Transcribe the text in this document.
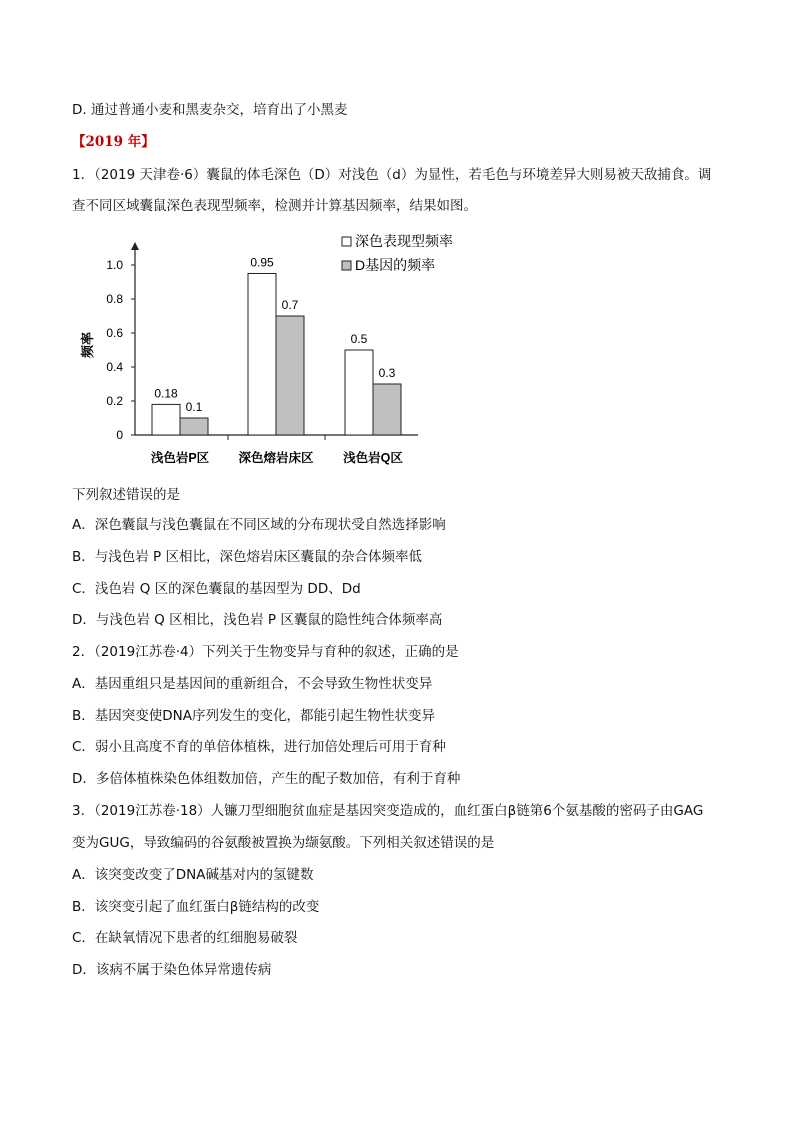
D. 通过普通小麦和黑麦杂交，培育出了小黑麦
【2019 年】
1．（2019 天津卷·6）囊鼠的体毛深色（D）对浅色（d）为显性，若毛色与环境差异大则易被天敌捕食。调
查不同区域囊鼠深色表现型频率，检测并计算基因频率，结果如图。
0
0.2
0.4
0.6
0.8
1.0
0.18
0.1
0.95
0.7
0.5
0.3
浅色岩P区 深色熔岩床区 浅色岩Q区
深色表现型频率
D基因的频率
频率
下列叙述错误的是
A．深色囊鼠与浅色囊鼠在不同区域的分布现状受自然选择影响
B．与浅色岩 P 区相比，深色熔岩床区囊鼠的杂合体频率低
C．浅色岩 Q 区的深色囊鼠的基因型为 DD、Dd
D．与浅色岩 Q 区相比，浅色岩 P 区囊鼠的隐性纯合体频率高
2．（2019江苏卷·4）下列关于生物变异与育种的叙述，正确的是
A．基因重组只是基因间的重新组合，不会导致生物性状变异
B．基因突变使DNA序列发生的变化，都能引起生物性状变异
C．弱小且高度不育的单倍体植株，进行加倍处理后可用于育种
D．多倍体植株染色体组数加倍，产生的配子数加倍，有利于育种
3．（2019江苏卷·18）人镰刀型细胞贫血症是基因突变造成的，血红蛋白β链第6个氨基酸的密码子由GAG
变为GUG，导致编码的谷氨酸被置换为缬氨酸。下列相关叙述错误的是
A．该突变改变了DNA碱基对内的氢键数
B．该突变引起了血红蛋白β链结构的改变
C．在缺氧情况下患者的红细胞易破裂
D．该病不属于染色体异常遗传病
